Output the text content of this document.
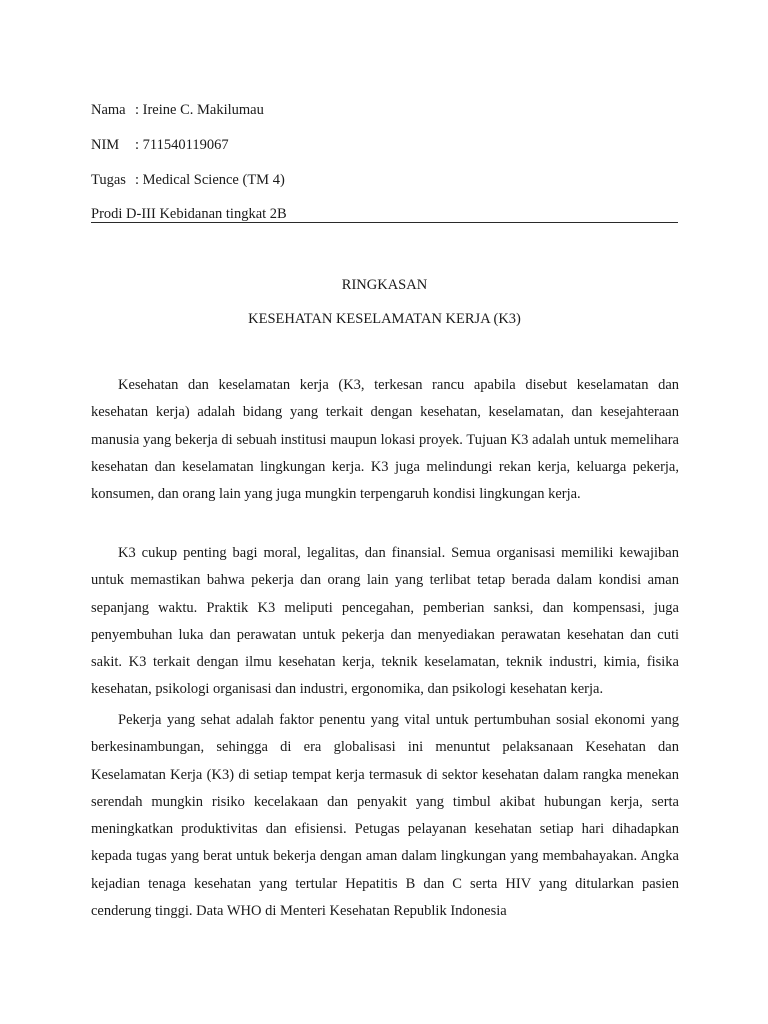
Nama : Ireine C. Makilumau
NIM : 711540119067
Tugas : Medical Science (TM 4)
Prodi D-III Kebidanan tingkat 2B
RINGKASAN
KESEHATAN KESELAMATAN KERJA (K3)

Kesehatan dan keselamatan kerja (K3, terkesan rancu apabila disebut keselamatan dan kesehatan kerja) adalah bidang yang terkait dengan kesehatan, keselamatan, dan kesejahteraan manusia yang bekerja di sebuah institusi maupun lokasi proyek. Tujuan K3 adalah untuk memelihara kesehatan dan keselamatan lingkungan kerja. K3 juga melindungi rekan kerja, keluarga pekerja, konsumen, dan orang lain yang juga mungkin terpengaruh kondisi lingkungan kerja.

K3 cukup penting bagi moral, legalitas, dan finansial. Semua organisasi memiliki kewajiban untuk memastikan bahwa pekerja dan orang lain yang terlibat tetap berada dalam kondisi aman sepanjang waktu. Praktik K3 meliputi pencegahan, pemberian sanksi, dan kompensasi, juga penyembuhan luka dan perawatan untuk pekerja dan menyediakan perawatan kesehatan dan cuti sakit. K3 terkait dengan ilmu kesehatan kerja, teknik keselamatan, teknik industri, kimia, fisika kesehatan, psikologi organisasi dan industri, ergonomika, dan psikologi kesehatan kerja.

Pekerja yang sehat adalah faktor penentu yang vital untuk pertumbuhan sosial ekonomi yang berkesinambungan, sehingga di era globalisasi ini menuntut pelaksanaan Kesehatan dan Keselamatan Kerja (K3) di setiap tempat kerja termasuk di sektor kesehatan dalam rangka menekan serendah mungkin risiko kecelakaan dan penyakit yang timbul akibat hubungan kerja, serta meningkatkan produktivitas dan efisiensi. Petugas pelayanan kesehatan setiap hari dihadapkan kepada tugas yang berat untuk bekerja dengan aman dalam lingkungan yang membahayakan. Angka kejadian tenaga kesehatan yang tertular Hepatitis B dan C serta HIV yang ditularkan pasien cenderung tinggi. Data WHO di Menteri Kesehatan Republik Indonesia
